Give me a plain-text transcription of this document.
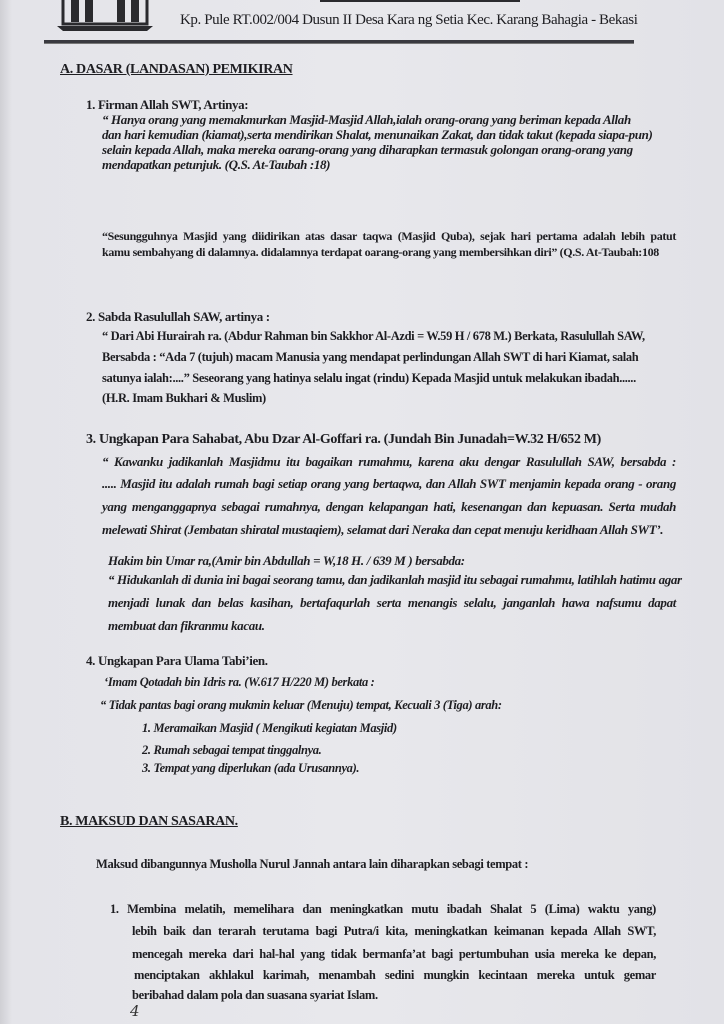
Kp. Pule RT.002/004 Dusun II Desa Kara ng Setia Kec. Karang Bahagia - Bekasi
A. DASAR (LANDASAN) PEMIKIRAN
1. Firman Allah SWT, Artinya:
“ Hanya orang yang memakmurkan Masjid-Masjid Allah,ialah orang-orang yang beriman kepada Allah
dan hari kemudian (kiamat),serta mendirikan Shalat, menunaikan Zakat, dan tidak takut (kepada siapa-pun)
selain kepada Allah, maka mereka oarang-orang yang diharapkan termasuk golongan orang-orang yang
mendapatkan petunjuk. (Q.S. At-Taubah :18)
“Sesungguhnya Masjid yang diidirikan atas dasar taqwa (Masjid Quba), sejak hari pertama adalah lebih patut
kamu sembahyang di dalamnya. didalamnya terdapat oarang-orang yang membersihkan diri” (Q.S. At-Taubah:108
2. Sabda Rasulullah SAW, artinya :
“ Dari Abi Hurairah ra. (Abdur Rahman bin Sakkhor Al-Azdi = W.59 H / 678 M.) Berkata, Rasulullah SAW,
Bersabda : “Ada 7 (tujuh) macam Manusia yang mendapat perlindungan Allah SWT di hari Kiamat, salah
satunya ialah:....” Seseorang yang hatinya selalu ingat (rindu) Kepada Masjid untuk melakukan ibadah......
(H.R. Imam Bukhari & Muslim)
3. Ungkapan Para Sahabat, Abu Dzar Al-Goffari ra. (Jundah Bin Junadah=W.32 H/652 M)
“ Kawanku jadikanlah Masjidmu itu bagaikan rumahmu, karena aku dengar Rasulullah SAW, bersabda :
..... Masjid itu adalah rumah bagi setiap orang yang bertaqwa, dan Allah SWT menjamin kepada orang - orang
yang menganggapnya sebagai rumahnya, dengan kelapangan hati, kesenangan dan kepuasan. Serta mudah
melewati Shirat (Jembatan shiratal mustaqiem), selamat dari Neraka dan cepat menuju keridhaan Allah SWT’.
Hakim bin Umar ra,(Amir bin Abdullah = W,18 H. / 639 M ) bersabda:
“ Hidukanlah di dunia ini bagai seorang tamu, dan jadikanlah masjid itu sebagai rumahmu, latihlah hatimu agar
menjadi lunak dan belas kasihan, bertafaqurlah serta menangis selalu, janganlah hawa nafsumu dapat
membuat dan fikranmu kacau.
4. Ungkapan Para Ulama Tabi’ien.
‘Imam Qotadah bin Idris ra. (W.617 H/220 M) berkata :
“ Tidak pantas bagi orang mukmin keluar (Menuju) tempat, Kecuali 3 (Tiga) arah:
1. Meramaikan Masjid ( Mengikuti kegiatan Masjid)
2. Rumah sebagai tempat tinggalnya.
3. Tempat yang diperlukan (ada Urusannya).
B. MAKSUD DAN SASARAN.
Maksud dibangunnya Musholla Nurul Jannah antara lain diharapkan sebagi tempat :
1. Membina melatih, memelihara dan meningkatkan mutu ibadah Shalat 5 (Lima) waktu yang)
lebih baik dan terarah terutama bagi Putra/i kita, meningkatkan keimanan kepada Allah SWT,
mencegah mereka dari hal-hal yang tidak bermanfa’at bagi pertumbuhan usia mereka ke depan,
menciptakan akhlakul karimah, menambah sedini mungkin kecintaan mereka untuk gemar
beribahad dalam pola dan suasana syariat Islam.
4
